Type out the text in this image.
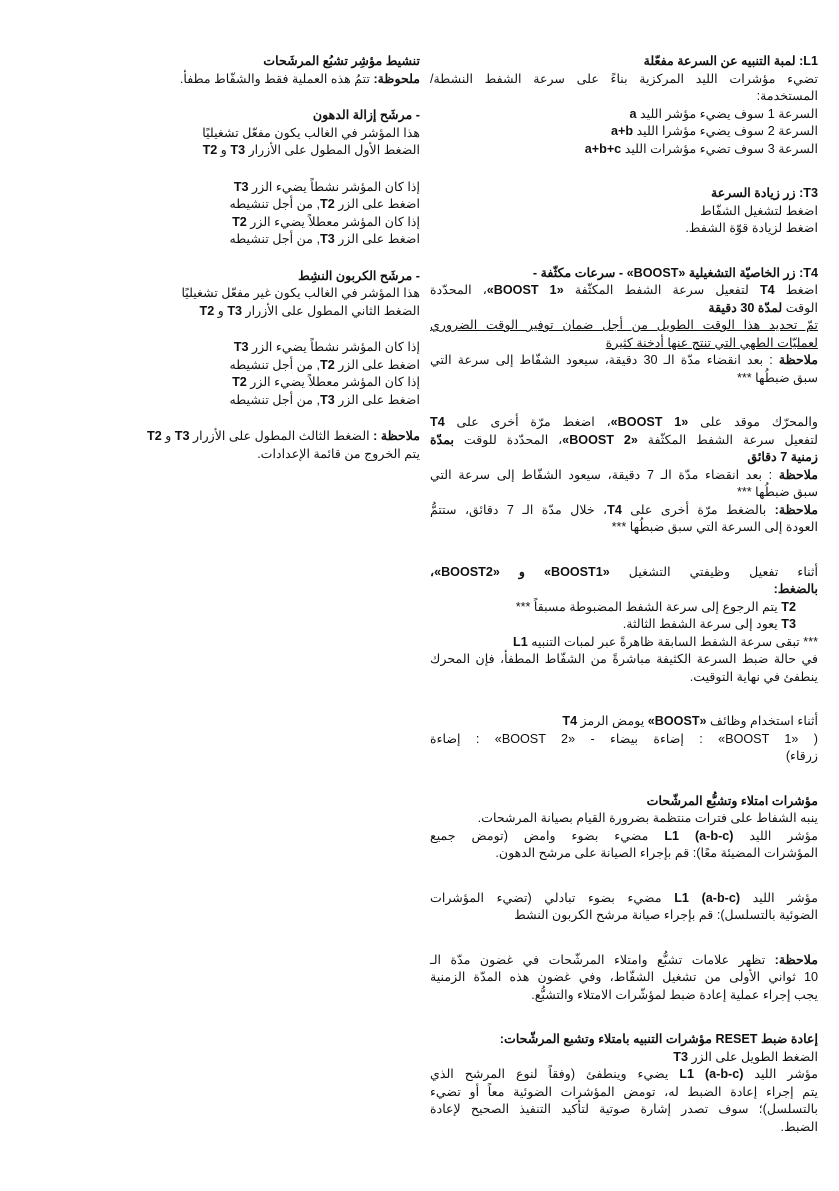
L1: لمبة التنبيه عن السرعة مفعّلة
تضيء مؤشرات الليد المركزية بناءً على سرعة الشفط النشطة/
المستخدمة:
السرعة 1 سوف يضيء مؤشر الليد a
السرعة 2 سوف يضيء مؤشرا الليد a+b
السرعة 3 سوف تضيء مؤشرات الليد a+b+c
T3: زر زيادة السرعة
اضغط لتشغيل الشفّاط
اضغط لزيادة قوّة الشفط.
T4: زر الخاصيّة التشغيلية «BOOST» - سرعات مكثّفة -
اضغط T4 لتفعيل سرعة الشفط المكثّفة «BOOST 1»، المحدّدة
الوقت لمدّة 30 دقيقة
تمّ تحديد هذا الوقت الطويل من أجل ضمان توفير الوقت الضروري
لعمليّات الطهي التي تنتج عنها أدخنة كثيرة
ملاحظة : بعد انقضاء مدّة الـ 30 دقيقة، سيعود الشفّاط إلى سرعة التي
سبق ضبطُها ***
والمحرّك موقد على «BOOST 1»، اضغط مرّة أخرى على T4
لتفعيل سرعة الشفط المكثّفة «BOOST 2»، المحدّدة للوقت بمدّة
زمنية 7 دقائق
ملاحظة : بعد انقضاء مدّة الـ 7 دقيقة، سيعود الشفّاط إلى سرعة التي
سبق ضبطُها ***
ملاحظة: بالضغط مرّة أخرى على T4، خلال مدّة الـ 7 دقائق، ستتمُّ
العودة إلى السرعة التي سبق ضبطُها ***
أثناء تفعيل وظيفتي التشغيل «BOOST1» و «BOOST2»،
بالضغط:
T2 يتم الرجوع إلى سرعة الشفط المضبوطة مسبقاً ***
T3 يعود إلى سرعة الشفط الثالثة.
*** تبقى سرعة الشفط السابقة ظاهرةً عبر لمبات التنبيه L1
في حالة ضبط السرعة الكثيفة مباشرةً من الشفّاط المطفأ، فإن المحرك
ينطفئ في نهاية التوقيت.
أثناء استخدام وظائف «BOOST» يومض الرمز T4
( «BOOST 1» : إضاءة بيضاء - «BOOST 2» : إضاءة
زرقاء)
مؤشرات امتلاء وتشبُّع المرشّحات
ينبه الشفاط على فترات منتظمة بضرورة القيام بصيانة المرشحات.
مؤشر الليد L1 (a-b-c) مضيء بضوء وامض (تومض جميع
المؤشرات المضيئة معًا): قم بإجراء الصيانة على مرشح الدهون.
مؤشر الليد L1 (a-b-c) مضيء بضوء تبادلي (تضيء المؤشرات
الضوئية بالتسلسل): قم بإجراء صيانة مرشح الكربون النشط
ملاحظة: تظهر علامات تشبُّع وامتلاء المرشّحات في غضون مدّة الـ
10 ثواني الأولى من تشغيل الشفّاط، وفي غضون هذه المدّة الزمنية
يجب إجراء عملية إعادة ضبط لمؤشّرات الامتلاء والتشبُّع.
إعادة ضبط RESET مؤشرات التنبيه بامتلاء وتشبع المرشّحات:
الضغط الطويل على الزر T3
مؤشر الليد L1 (a-b-c) يضيء وينطفئ (وفقاً لنوع المرشح الذي
يتم إجراء إعادة الضبط له، تومض المؤشرات الضوئية معاً أو تضيء
بالتسلسل)؛ سوف تصدر إشارة صوتية لتأكيد التنفيذ الصحيح لإعادة
الضبط.
تنشيط مؤشِر تشبُع المرشَحات
ملحوظة: تتمُ هذه العملية فقط والشفّاط مطفأ.
- مرشَح إزالة الدهون
هذا المؤشر في الغالب يكون مفعّل تشغيليًا
الضغط الأول المطول على الأزرار T3 و T2
إذا كان المؤشر نشطاً يضيء الزر T3
اضغط على الزر T2, من أجل تنشيطه
إذا كان المؤشر معطلاً يضيء الزر T2
اضغط على الزر T3, من أجل تنشيطه
- مرشَح الكربون النشِط
هذا المؤشر في الغالب يكون غير مفعّل تشغيليًا
الضغط الثاني المطول على الأزرار T3 و T2
إذا كان المؤشر نشطاً يضيء الزر T3
اضغط على الزر T2, من أجل تنشيطه
إذا كان المؤشر معطلاً يضيء الزر T2
اضغط على الزر T3, من أجل تنشيطه
ملاحظة : الضغط الثالث المطول على الأزرار T3 و T2
يتم الخروج من قائمة الإعدادات.
